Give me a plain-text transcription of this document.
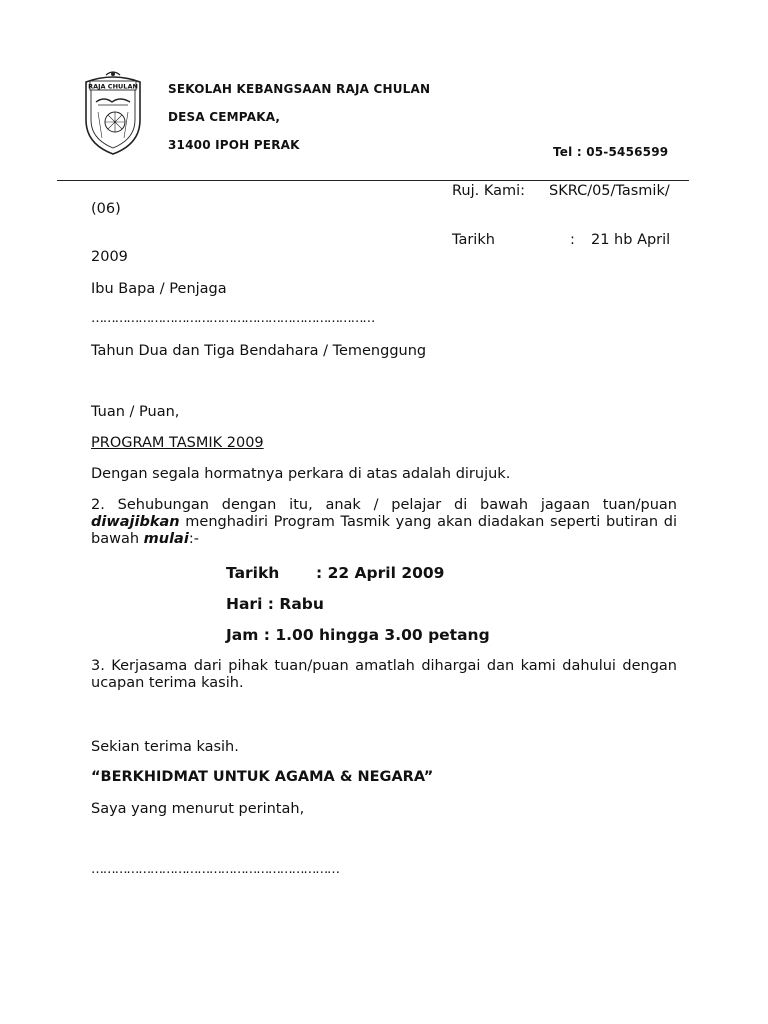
RAJA CHULAN	SEKOLAH KEBANGSAAN RAJA CHULAN
DESA CEMPAKA,
31400 IPOH PERAK	Tel : 05-5456599
Ruj. Kami: SKRC/05/Tasmik/
(06)
Tarikh	: 21 hb April
2009
Ibu Bapa / Penjaga
………………………………………………………………
Tahun Dua dan Tiga Bendahara / Temenggung
Tuan / Puan,
PROGRAM TASMIK 2009
Dengan segala hormatnya perkara di atas adalah dirujuk.
2. Sehubungan dengan itu, anak / pelajar di bawah jagaan tuan/puan diwajibkan menghadiri Program Tasmik yang akan diadakan seperti butiran di bawah mulai:-
Tarikh : 22 April 2009
Hari : Rabu
Jam : 1.00 hingga 3.00 petang
3. Kerjasama dari pihak tuan/puan amatlah dihargai dan kami dahului dengan ucapan terima kasih.
Sekian terima kasih.
“BERKHIDMAT UNTUK AGAMA & NEGARA”
Saya yang menurut perintah,
………………………………………………………
